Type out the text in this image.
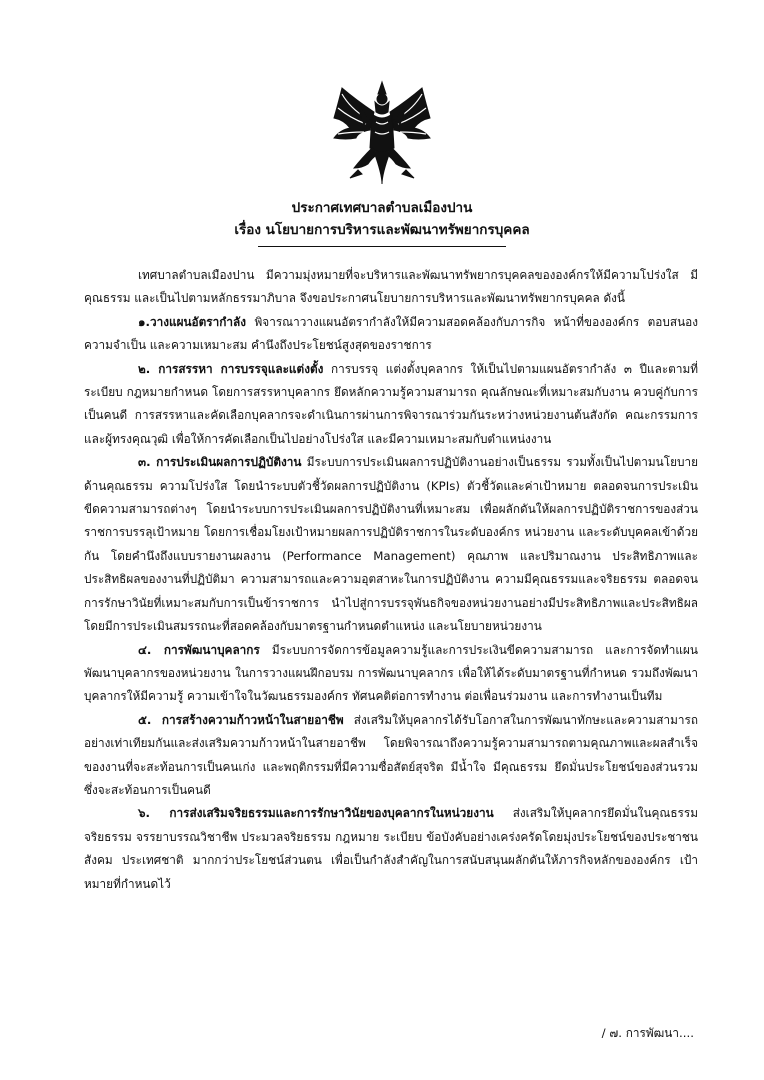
ประกาศเทศบาลตำบลเมืองปาน
เรื่อง นโยบายการบริหารและพัฒนาทรัพยากรบุคคล

เทศบาลตำบลเมืองปาน มีความมุ่งหมายที่จะบริหารและพัฒนาทรัพยากรบุคคลขององค์กรให้มีความโปร่งใส มีคุณธรรม และเป็นไปตามหลักธรรมาภิบาล จึงขอประกาศนโยบายการบริหารและพัฒนาทรัพยากรบุคคล ดังนี้

๑.วางแผนอัตรากำลัง พิจารณาวางแผนอัตรากำลังให้มีความสอดคล้องกับภารกิจ หน้าที่ขององค์กร ตอบสนองความจำเป็น และความเหมาะสม คำนึงถึงประโยชน์สูงสุดของราชการ

๒. การสรรหา การบรรจุและแต่งตั้ง การบรรจุ แต่งตั้งบุคลากร ให้เป็นไปตามแผนอัตรากำลัง ๓ ปีและตามที่ระเบียบ กฎหมายกำหนด โดยการสรรหาบุคลากร ยึดหลักความรู้ความสามารถ คุณลักษณะที่เหมาะสมกับงาน ควบคู่กับการเป็นคนดี การสรรหาและคัดเลือกบุคลากรจะดำเนินการผ่านการพิจารณาร่วมกันระหว่างหน่วยงานต้นสังกัด คณะกรรมการและผู้ทรงคุณวุฒิ เพื่อให้การคัดเลือกเป็นไปอย่างโปร่งใส และมีความเหมาะสมกับตำแหน่งงาน

๓. การประเมินผลการปฏิบัติงาน มีระบบการประเมินผลการปฏิบัติงานอย่างเป็นธรรม รวมทั้งเป็นไปตามนโยบายด้านคุณธรรม ความโปร่งใส โดยนำระบบตัวชี้วัดผลการปฏิบัติงาน (KPIs) ตัวชี้วัดและค่าเป้าหมาย ตลอดจนการประเมินขีดความสามารถต่างๆ โดยนำระบบการประเมินผลการปฏิบัติงานที่เหมาะสม เพื่อผลักดันให้ผลการปฏิบัติราชการของส่วนราชการบรรลุเป้าหมาย โดยการเชื่อมโยงเป้าหมายผลการปฏิบัติราชการในระดับองค์กร หน่วยงาน และระดับบุคคลเข้าด้วยกัน โดยคำนึงถึงแบบรายงานผลงาน (Performance Management) คุณภาพ และปริมาณงาน ประสิทธิภาพและประสิทธิผลของงานที่ปฏิบัติมา ความสามารถและความอุตสาหะในการปฏิบัติงาน ความมีคุณธรรมและจริยธรรม ตลอดจนการรักษาวินัยที่เหมาะสมกับการเป็นข้าราชการ นำไปสู่การบรรจุพันธกิจของหน่วยงานอย่างมีประสิทธิภาพและประสิทธิผล โดยมีการประเมินสมรรถนะที่สอดคล้องกับมาตรฐานกำหนดตำแหน่ง และนโยบายหน่วยงาน

๔. การพัฒนาบุคลากร มีระบบการจัดการข้อมูลความรู้และการประเงินขีดความสามารถ และการจัดทำแผนพัฒนาบุคลากรของหน่วยงาน ในการวางแผนฝึกอบรม การพัฒนาบุคลากร เพื่อให้ได้ระดับมาตรฐานที่กำหนด รวมถึงพัฒนาบุคลากรให้มีความรู้ ความเข้าใจในวัฒนธรรมองค์กร ทัศนคติต่อการทำงาน ต่อเพื่อนร่วมงาน และการทำงานเป็นทีม

๕. การสร้างความก้าวหน้าในสายอาชีพ ส่งเสริมให้บุคลากรได้รับโอกาสในการพัฒนาทักษะและความสามารถอย่างเท่าเทียมกันและส่งเสริมความก้าวหน้าในสายอาชีพ โดยพิจารณาถึงความรู้ความสามารถตามคุณภาพและผลสำเร็จของงานที่จะสะท้อนการเป็นคนเก่ง และพฤติกรรมที่มีความซื่อสัตย์สุจริต มีน้ำใจ มีคุณธรรม ยึดมั่นประโยชน์ของส่วนรวม ซึ่งจะสะท้อนการเป็นคนดี

๖. การส่งเสริมจริยธรรมและการรักษาวินัยของบุคลากรในหน่วยงาน ส่งเสริมให้บุคลากรยึดมั่นในคุณธรรมจริยธรรม จรรยาบรรณวิชาชีพ ประมวลจริยธรรม กฎหมาย ระเบียบ ข้อบังคับอย่างเคร่งครัดโดยมุ่งประโยชน์ของประชาชน สังคม ประเทศชาติ มากกว่าประโยชน์ส่วนตน เพื่อเป็นกำลังสำคัญในการสนับสนุนผลักดันให้ภารกิจหลักขององค์กร เป้าหมายที่กำหนดไว้

/ ๗. การพัฒนา....
